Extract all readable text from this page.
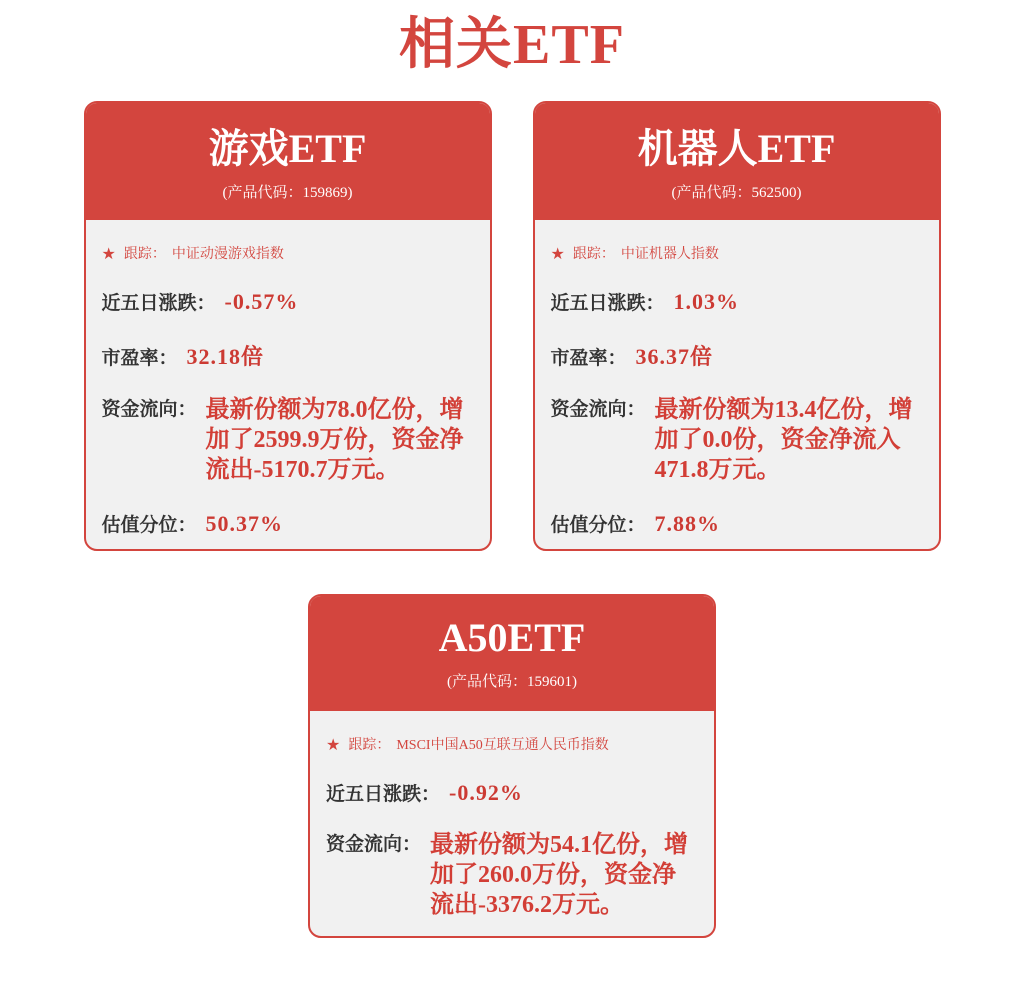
相关ETF
游戏ETF
(产品代码：159869)
★ 跟踪： 中证动漫游戏指数
近五日涨跌： -0.57%
市盈率： 32.18倍
资金流向： 最新份额为78.0亿份，增加了2599.9万份，资金净流出-5170.7万元。
估值分位： 50.37%
机器人ETF
(产品代码：562500)
★ 跟踪： 中证机器人指数
近五日涨跌： 1.03%
市盈率： 36.37倍
资金流向： 最新份额为13.4亿份，增加了0.0份，资金净流入471.8万元。
估值分位： 7.88%
A50ETF
(产品代码：159601)
★ 跟踪： MSCI中国A50互联互通人民币指数
近五日涨跌： -0.92%
资金流向： 最新份额为54.1亿份，增加了260.0万份，资金净流出-3376.2万元。
